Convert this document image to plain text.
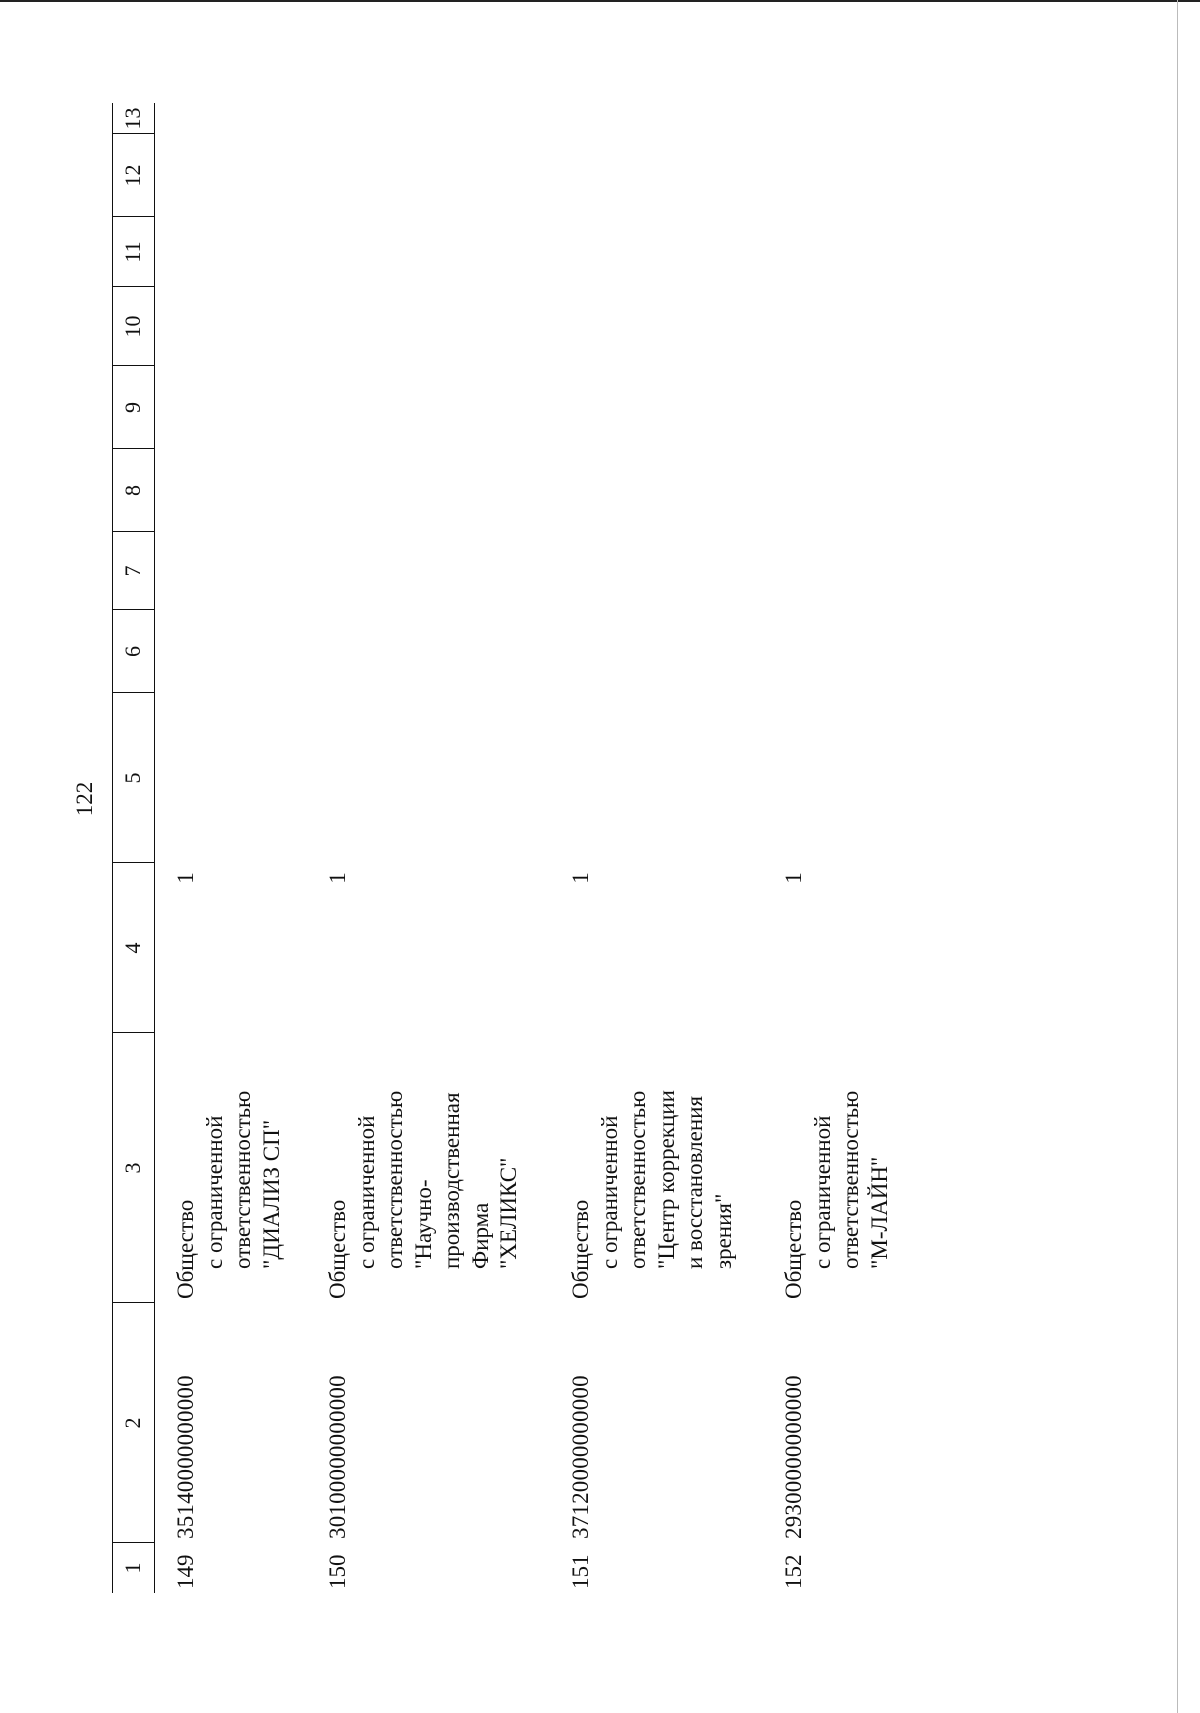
122
1
2
3
4
5
6
7
8
9
10
11
12
13
149
35140000000000
Общество с ограниченной ответственностью "ДИАЛИЗ СП"
1
150
30100000000000
Общество с ограниченной ответственностью "Научно- производственная Фирма "ХЕЛИКС"
1
151
37120000000000
Общество с ограниченной ответственностью "Центр коррекции и восстановления зрения"
1
152
29300000000000
Общество с ограниченной ответственностью "М-ЛАЙН"
1
